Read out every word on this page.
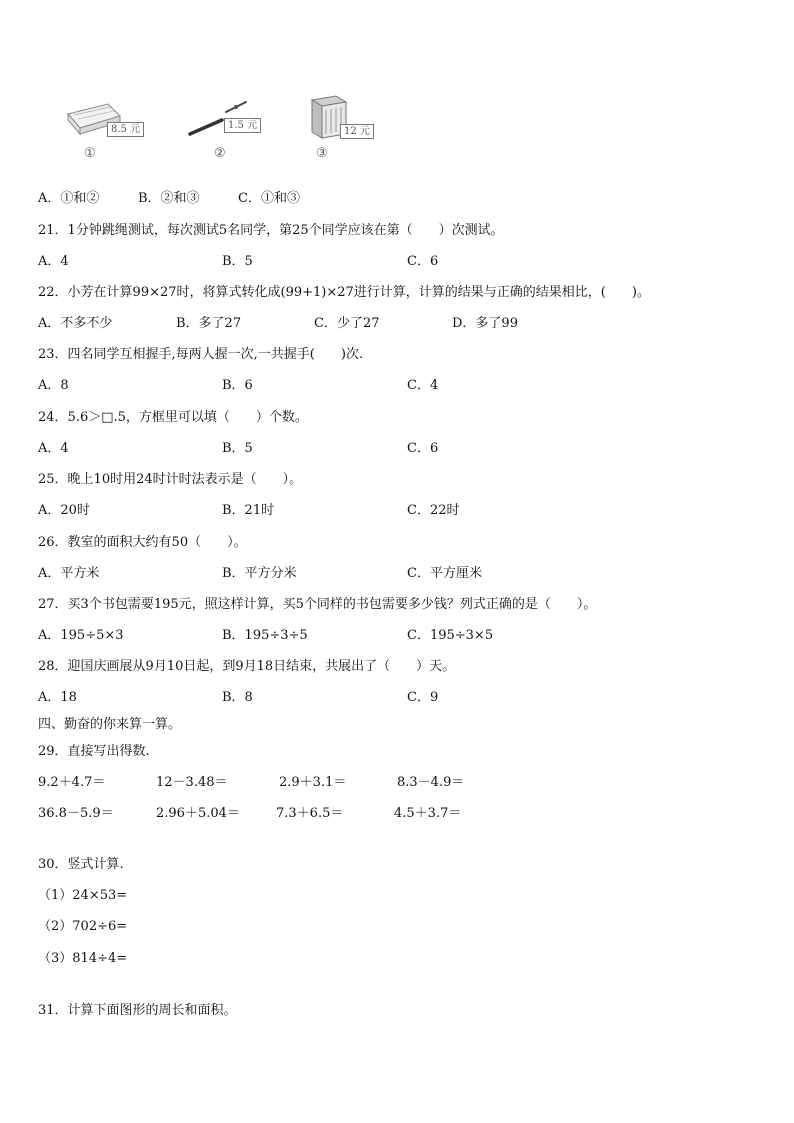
8.5 元
①
1.5 元
②
12 元
③
A．①和②	B．②和③	C．①和③
21．1分钟跳绳测试，每次测试5名同学，第25个同学应该在第（　　）次测试。
A．4	B．5	C．6
22．小芳在计算99×27时，将算式转化成(99+1)×27进行计算，计算的结果与正确的结果相比，(　　)。
A．不多不少	B．多了27	C．少了27	D．多了99
23．四名同学互相握手,每两人握一次,一共握手(　　)次.
A．8	B．6	C．4
24．5.6＞□.5，方框里可以填（　　）个数。
A．4	B．5	C．6
25．晚上10时用24时计时法表示是（　　）。
A．20时	B．21时	C．22时
26．教室的面积大约有50（　　）。
A．平方米	B．平方分米	C．平方厘米
27．买3个书包需要195元，照这样计算，买5个同样的书包需要多少钱？列式正确的是（　　）。
A．195÷5×3	B．195÷3÷5	C．195÷3×5
28．迎国庆画展从9月10日起，到9月18日结束，共展出了（　　）天。
A．18	B．8	C．9
四、勤奋的你来算一算。
29．直接写出得数.
9.2＋4.7＝	12－3.48＝	2.9＋3.1＝	8.3－4.9＝
36.8－5.9＝	2.96＋5.04＝	7.3＋6.5＝	4.5＋3.7＝
30．竖式计算.
（1）24×53=
（2）702÷6=
（3）814÷4=
31．计算下面图形的周长和面积。
